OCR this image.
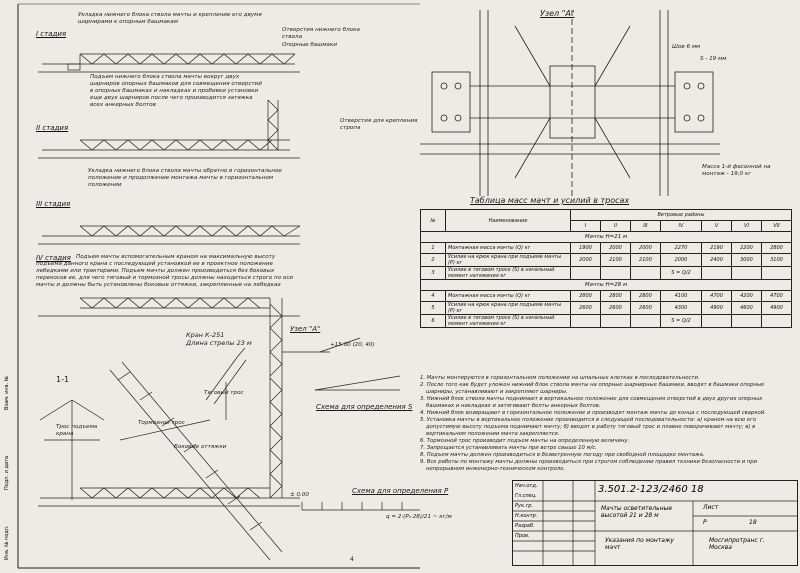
I стадия
II стадия
III стадия
IV стадия
Укладка нижнего блока ствола мачты и крепление его двумя шарнирами к опорным башмакам
Опорные башмаки
Отверстия нижнего блока ствола
Подъем нижнего блока ствола мачты вокруг двух шарниров опорных башмаков для совмещения отверстий в опорных башмаках и накладках и пробивки установки еще двух шарниров после чего производится затяжка всех анкерных болтов
Укладка нижнего блока ствола мачты обратно в горизонтальное положение и продолжение монтажа мачты в горизонтальном положении
Подъем мачты вспомогательным краном на максимальную высоту подъема данного крана с последующей установкой ее в проектное положение лебедками или тракторами. Подъем мачты должен производиться без боковых перекосов ее, для чего тяговый и тормозной тросы должны находиться строго по оси мачты и должны быть установлены боковые оттяжки, закрепленные на лебедках
1-1
Кран К-251
Длина стрелы 23 м
Узел "А"
+15.00 (20, 40)
± 0.00
Тяговый трос
Тормозной трос
Боковые оттяжки
Трос подъема крана
Схема для определения S
Схема для определения P
q = 2·(P₁·28)/21 ~ кг/м
Узел "А"
Шов 6 мм
Отверстия для крепления стропа
S - 19 мм
Масса 1-й фасонной на монтаж - 19,0 кг
Таблица масс мачт и усилий в тросах
№	Наименование	Ветровые районы						
		I	II	III	IV	V	VI	VII
Мачты Н=21 м								
1	Монтажная масса мачты (Q) кг	1900	2000	2000	2270	2190	2200	2800
2	Усилие на крюк крана при подъеме мачты (Р) кг	2000	2100	2100	2000	2400	3000	3100
3	Усилие в тяговом тросе (S) в начальный момент натяжения кг				S = Q/2			
Мачты Н=28 м								
4	Монтажная масса мачты (Q) кг	2800	2800	2800	4100	4700	4200	4700
5	Усилие на крюк крана при подъеме мачты (Р) кг	2600	2600	2600	4300	4900	4600	4900
6	Усилие в тяговом тросе (S) в начальный момент натяжения кг				S = Q/2			
1. Мачты монтируются в горизонтальном положении на шпальных клетках в последовательности.
2. После того как будет уложен нижний блок ствола мачты на опорные шарнирные башмаки, вводят в башмаки опорные шарниры, устанавливают и закрепляют шарниры.
3. Нижний блок ствола мачты поднимают в вертикальное положение для совмещения отверстий в двух других опорных башмаках и накладках и затягивают болты анкерных болтов.
4. Нижний блок возвращают в горизонтальное положение и производят монтаж мачты до конца с последующей сваркой.
5. Установка мачты в вертикальное положение производится в следующей последовательности: а) краном на всю его допустимую высоту подъема поднимают мачту; б) вводят в работу тяговый трос и плавно поворачивают мачту; в) в вертикальном положении мачта закрепляется.
6. Тормозной трос производит подъем мачты на определенную величину.
7. Запрещается устанавливать мачты при ветре свыше 10 м/с.
8. Подъем мачты должен производиться в безветренную погоду при свободной площадке монтажа.
9. Все работы по монтажу мачты должны производиться при строгом соблюдении правил техники безопасности и при непрерывном инженерно-техническом контроле.
3.501.2-123/2460 18
Мачты осветительные высотой 21 и 28 м
Лист
18
Р
Указания по монтажу мачт
Мосгипротранс г. Москва
Нач.отд.
Гл.спец.
Рук.гр.
Н.контр.
Разраб.
Пров.
Инв. № подл.
Подп. и дата
Взам. инв. №
4
